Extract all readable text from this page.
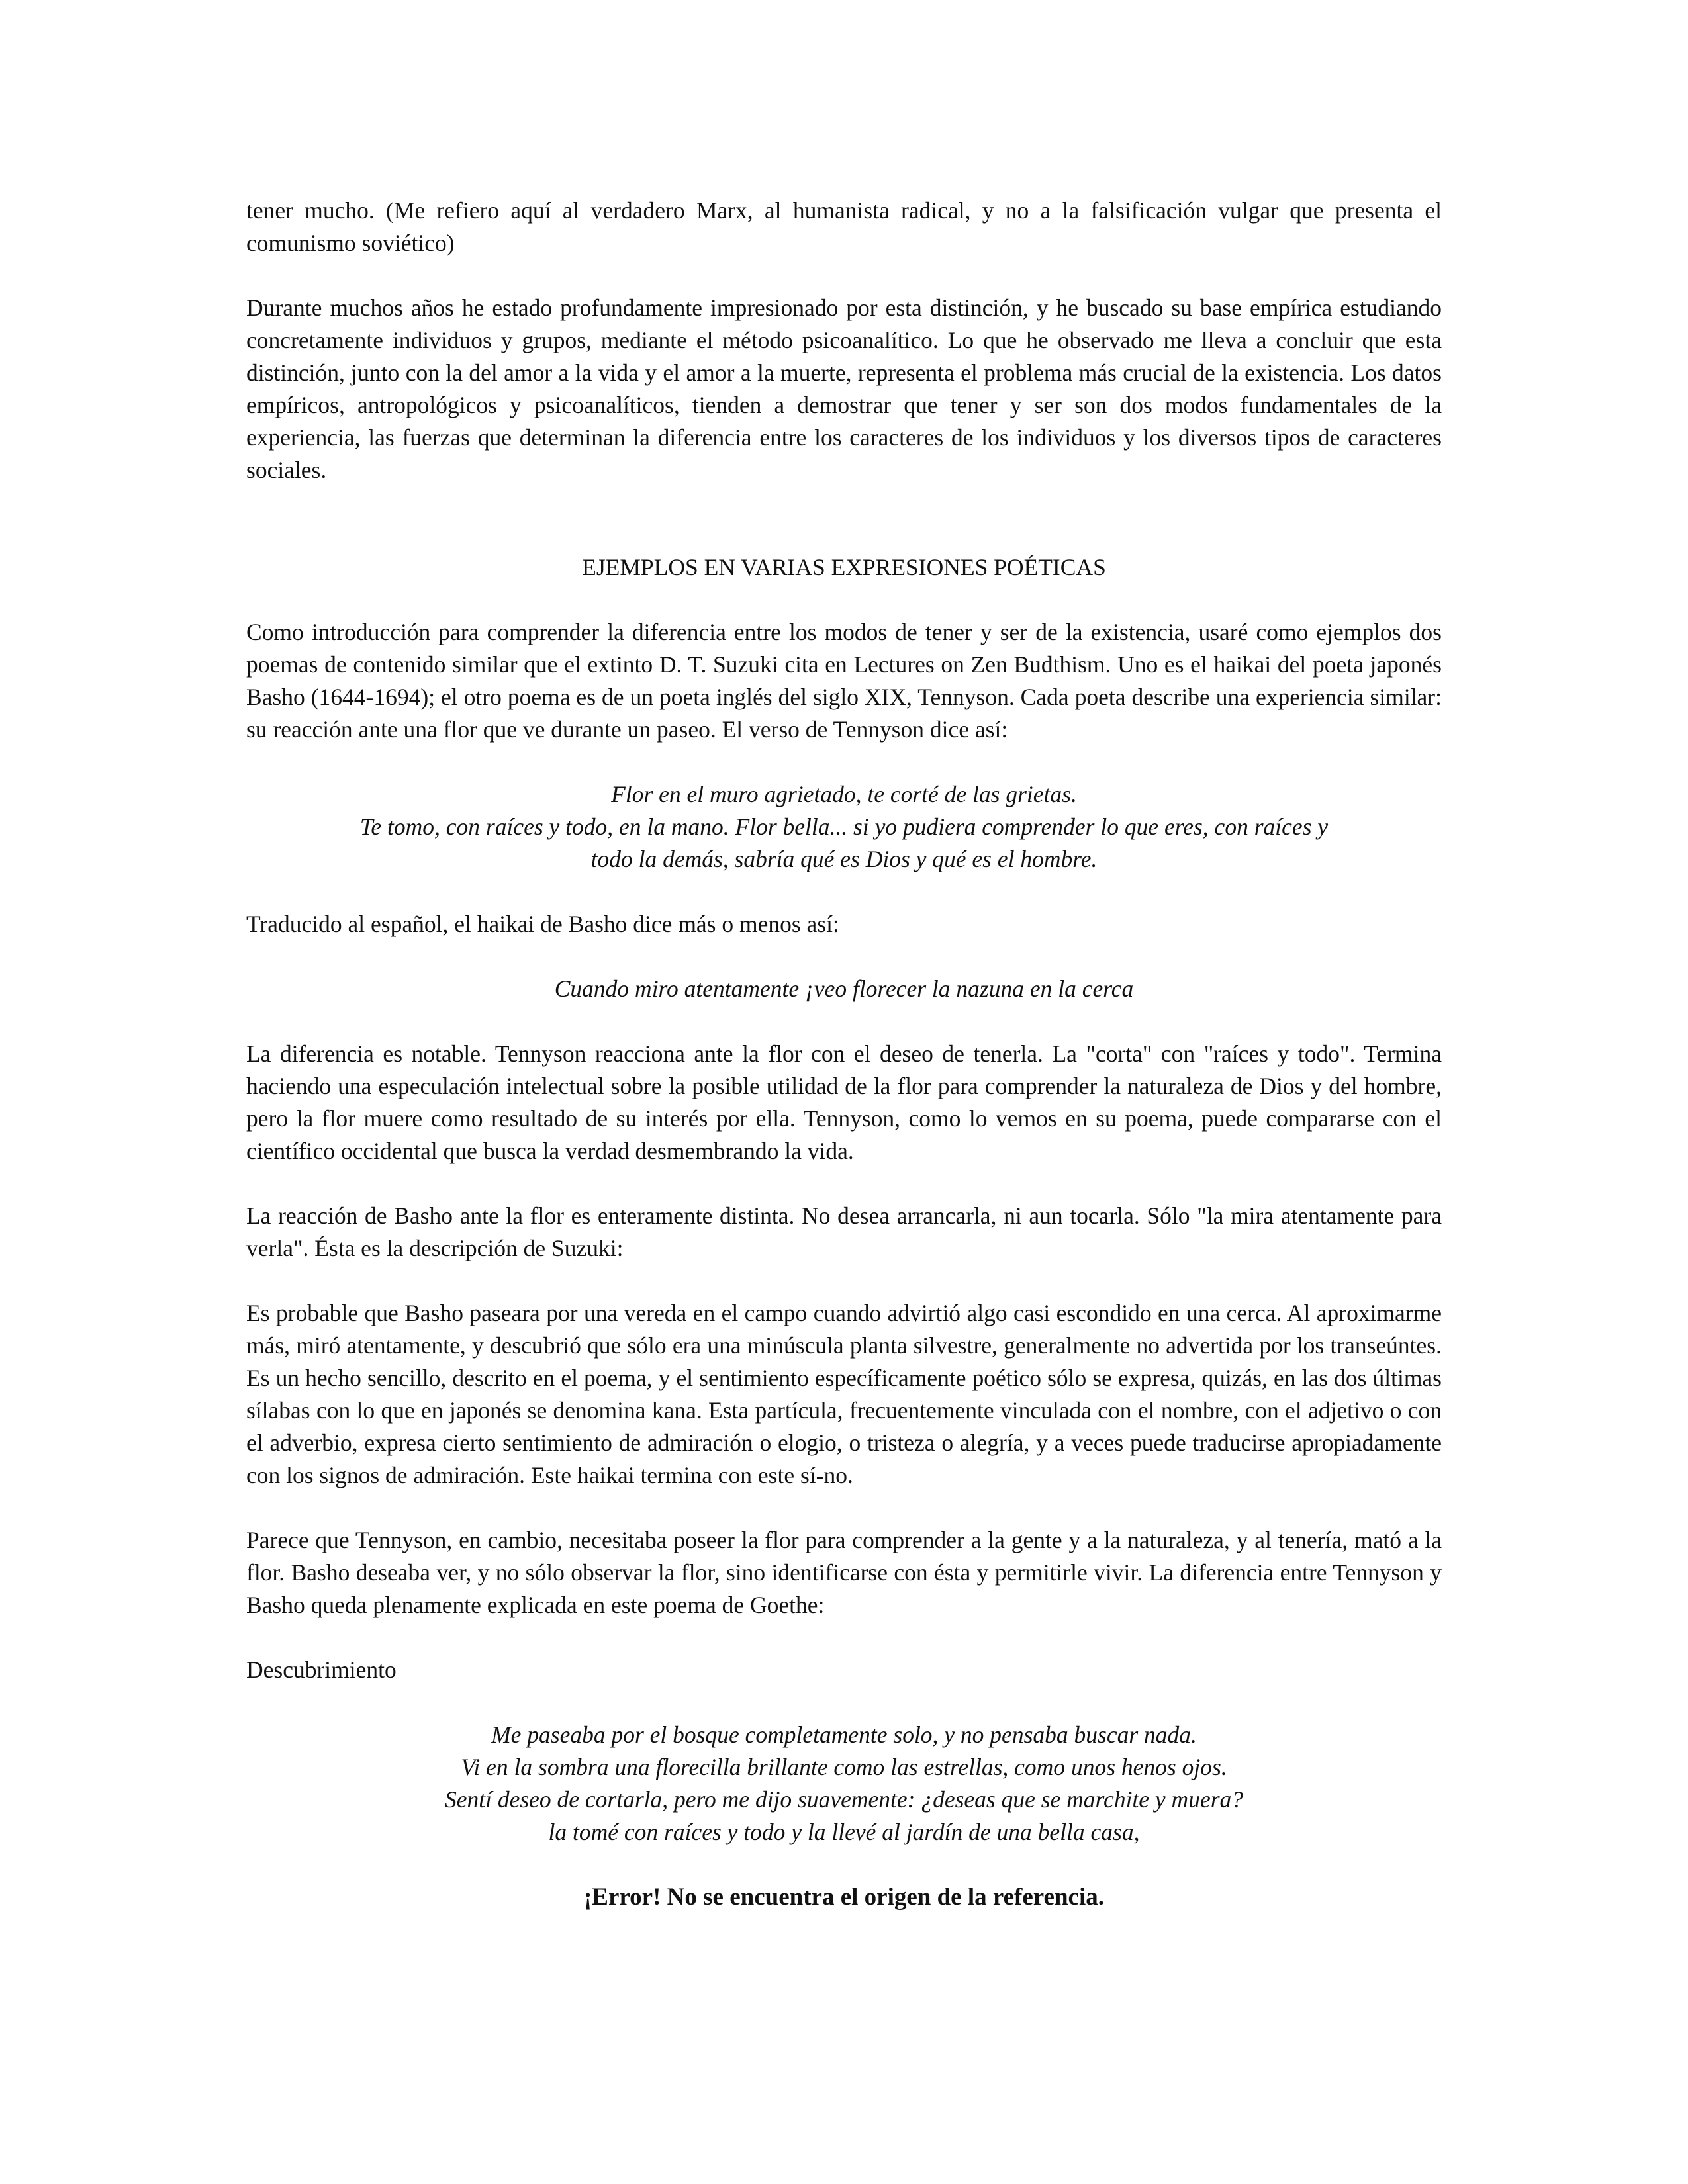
tener mucho. (Me refiero aquí al verdadero Marx, al humanista radical, y no a la falsificación vulgar que presenta el comunismo soviético)

Durante muchos años he estado profundamente impresionado por esta distinción, y he buscado su base empírica estudiando concretamente individuos y grupos, mediante el método psicoanalítico. Lo que he observado me lleva a concluir que esta distinción, junto con la del amor a la vida y el amor a la muerte, representa el problema más crucial de la existencia. Los datos empíricos, antropológicos y psicoanalíticos, tienden a demostrar que tener y ser son dos modos fundamentales de la experiencia, las fuerzas que determinan la diferencia entre los caracteres de los individuos y los diversos tipos de caracteres sociales.

EJEMPLOS EN VARIAS EXPRESIONES POÉTICAS

Como introducción para comprender la diferencia entre los modos de tener y ser de la existencia, usaré como ejemplos dos poemas de contenido similar que el extinto D. T. Suzuki cita en Lectures on Zen Budthism. Uno es el haikai del poeta japonés Basho (1644-1694); el otro poema es de un poeta inglés del siglo XIX, Tennyson. Cada poeta describe una experiencia similar: su reacción ante una flor que ve durante un paseo. El verso de Tennyson dice así:

Flor en el muro agrietado, te corté de las grietas.
Te tomo, con raíces y todo, en la mano. Flor bella... si yo pudiera comprender lo que eres, con raíces y
todo la demás, sabría qué es Dios y qué es el hombre.

Traducido al español, el haikai de Basho dice más o menos así:

Cuando miro atentamente ¡veo florecer la nazuna en la cerca

La diferencia es notable. Tennyson reacciona ante la flor con el deseo de tenerla. La "corta" con "raíces y todo". Termina haciendo una especulación intelectual sobre la posible utilidad de la flor para comprender la naturaleza de Dios y del hombre, pero la flor muere como resultado de su interés por ella. Tennyson, como lo vemos en su poema, puede compararse con el científico occidental que busca la verdad desmembrando la vida.

La reacción de Basho ante la flor es enteramente distinta. No desea arrancarla, ni aun tocarla. Sólo "la mira atentamente para verla". Ésta es la descripción de Suzuki:

Es probable que Basho paseara por una vereda en el campo cuando advirtió algo casi escondido en una cerca. Al aproximarme más, miró atentamente, y descubrió que sólo era una minúscula planta silvestre, generalmente no advertida por los transeúntes. Es un hecho sencillo, descrito en el poema, y el sentimiento específicamente poético sólo se expresa, quizás, en las dos últimas sílabas con lo que en japonés se denomina kana. Esta partícula, frecuentemente vinculada con el nombre, con el adjetivo o con el adverbio, expresa cierto sentimiento de admiración o elogio, o tristeza o alegría, y a veces puede traducirse apropiadamente con los signos de admiración. Este haikai termina con este sí-no.

Parece que Tennyson, en cambio, necesitaba poseer la flor para comprender a la gente y a la naturaleza, y al tenería, mató a la flor. Basho deseaba ver, y no sólo observar la flor, sino identificarse con ésta y permitirle vivir. La diferencia entre Tennyson y Basho queda plenamente explicada en este poema de Goethe:

Descubrimiento

Me paseaba por el bosque completamente solo, y no pensaba buscar nada.
Vi en la sombra una florecilla brillante como las estrellas, como unos henos ojos.
Sentí deseo de cortarla, pero me dijo suavemente: ¿deseas que se marchite y muera?
la tomé con raíces y todo y la llevé al jardín de una bella casa,
¡Error! No se encuentra el origen de la referencia.
